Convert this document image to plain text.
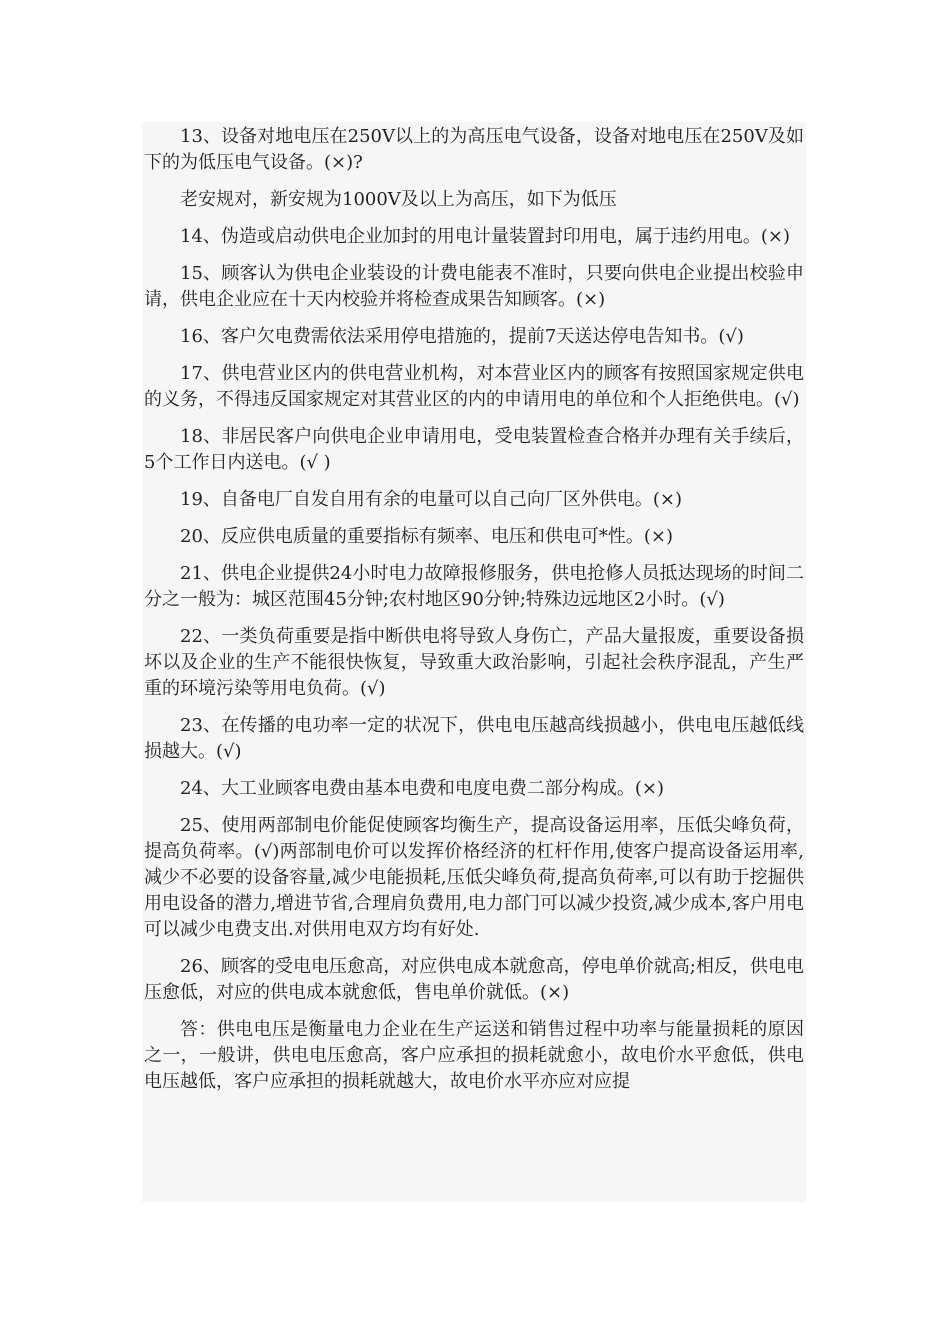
13、设备对地电压在250V以上的为高压电气设备，设备对地电压在250V及如下的为低压电气设备。(×)?

老安规对，新安规为1000V及以上为高压，如下为低压

14、伪造或启动供电企业加封的用电计量装置封印用电，属于违约用电。(×)

15、顾客认为供电企业装设的计费电能表不准时，只要向供电企业提出校验申请，供电企业应在十天内校验并将检查成果告知顾客。(×)

16、客户欠电费需依法采用停电措施的，提前7天送达停电告知书。(√)

17、供电营业区内的供电营业机构，对本营业区内的顾客有按照国家规定供电的义务，不得违反国家规定对其营业区的内的申请用电的单位和个人拒绝供电。(√)

18、非居民客户向供电企业申请用电，受电装置检查合格并办理有关手续后，5个工作日内送电。(√ )

19、自备电厂自发自用有余的电量可以自己向厂区外供电。(×)

20、反应供电质量的重要指标有频率、电压和供电可*性。(×)

21、供电企业提供24小时电力故障报修服务，供电抢修人员抵达现场的时间二分之一般为：城区范围45分钟;农村地区90分钟;特殊边远地区2小时。(√)

22、一类负荷重要是指中断供电将导致人身伤亡，产品大量报废，重要设备损坏以及企业的生产不能很快恢复，导致重大政治影响，引起社会秩序混乱，产生严重的环境污染等用电负荷。(√)

23、在传播的电功率一定的状况下，供电电压越高线损越小，供电电压越低线损越大。(√)

24、大工业顾客电费由基本电费和电度电费二部分构成。(×)

25、使用两部制电价能促使顾客均衡生产，提高设备运用率，压低尖峰负荷，提高负荷率。(√)两部制电价可以发挥价格经济的杠杆作用,使客户提高设备运用率,减少不必要的设备容量,减少电能损耗,压低尖峰负荷,提高负荷率,可以有助于挖掘供用电设备的潜力,增进节省,合理肩负费用,电力部门可以减少投资,减少成本,客户用电可以减少电费支出.对供用电双方均有好处.

26、顾客的受电电压愈高，对应供电成本就愈高，停电单价就高;相反，供电电压愈低，对应的供电成本就愈低，售电单价就低。(×)

答：供电电压是衡量电力企业在生产运送和销售过程中功率与能量损耗的原因之一，一般讲，供电电压愈高，客户应承担的损耗就愈小，故电价水平愈低，供电电压越低，客户应承担的损耗就越大，故电价水平亦应对应提
